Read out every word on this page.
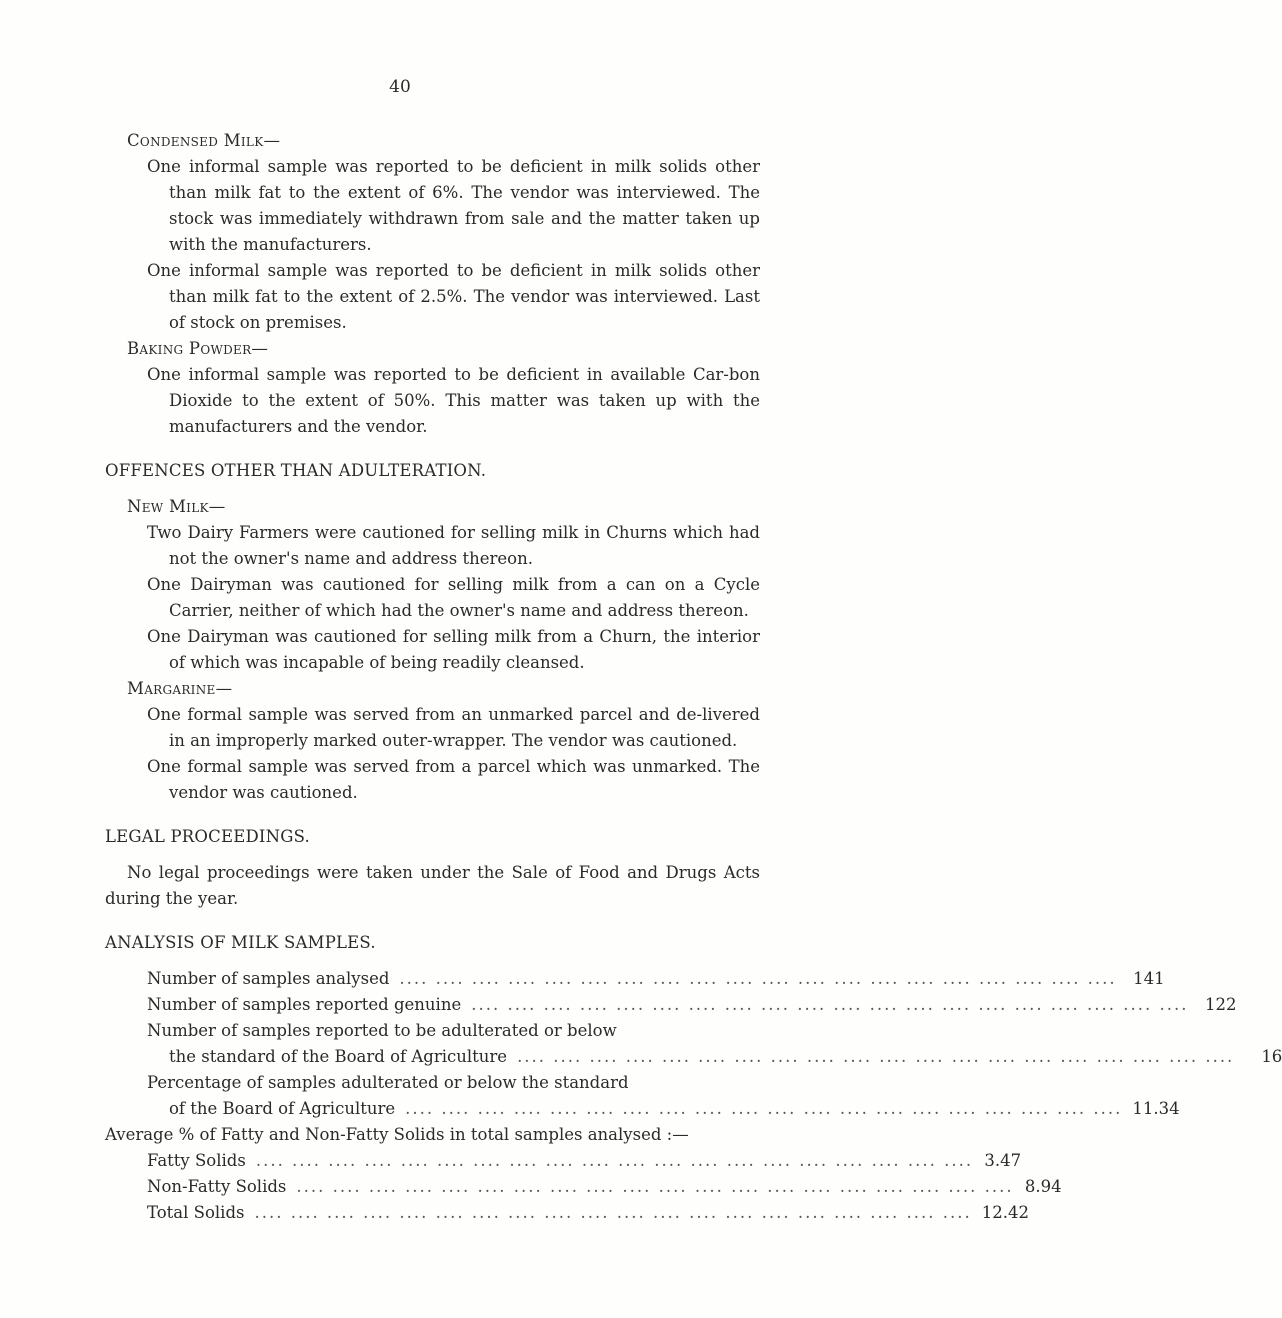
40
Condensed Milk—
One informal sample was reported to be deficient in milk solids other than milk fat to the extent of 6%. The vendor was interviewed. The stock was immediately withdrawn from sale and the matter taken up with the manufacturers.
One informal sample was reported to be deficient in milk solids other than milk fat to the extent of 2.5%. The vendor was interviewed. Last of stock on premises.
Baking Powder—
One informal sample was reported to be deficient in available Car-bon Dioxide to the extent of 50%. This matter was taken up with the manufacturers and the vendor.
OFFENCES OTHER THAN ADULTERATION.
New Milk—
Two Dairy Farmers were cautioned for selling milk in Churns which had not the owner's name and address thereon.
One Dairyman was cautioned for selling milk from a can on a Cycle Carrier, neither of which had the owner's name and address thereon.
One Dairyman was cautioned for selling milk from a Churn, the interior of which was incapable of being readily cleansed.
Margarine—
One formal sample was served from an unmarked parcel and de-livered in an improperly marked outer-wrapper. The vendor was cautioned.
One formal sample was served from a parcel which was unmarked. The vendor was cautioned.
LEGAL PROCEEDINGS.
No legal proceedings were taken under the Sale of Food and Drugs Acts during the year.
ANALYSIS OF MILK SAMPLES.
Number of samples analysed .... .... .... .... .... .... .... .... .... .... .... .... .... .... .... .... .... .... .... ....	141
Number of samples reported genuine .... .... .... .... .... .... .... .... .... .... .... .... .... .... .... .... .... .... .... ....	122
Number of samples reported to be adulterated or below
the standard of the Board of Agriculture .... .... .... .... .... .... .... .... .... .... .... .... .... .... .... .... .... .... .... ....	16
Percentage of samples adulterated or below the standard
of the Board of Agriculture .... .... .... .... .... .... .... .... .... .... .... .... .... .... .... .... .... .... .... .... 11.34
Average % of Fatty and Non-Fatty Solids in total samples analysed :—
Fatty Solids .... .... .... .... .... .... .... .... .... .... .... .... .... .... .... .... .... .... .... .... 3.47
Non-Fatty Solids .... .... .... .... .... .... .... .... .... .... .... .... .... .... .... .... .... .... .... .... 8.94
Total Solids .... .... .... .... .... .... .... .... .... .... .... .... .... .... .... .... .... .... .... .... 12.42
